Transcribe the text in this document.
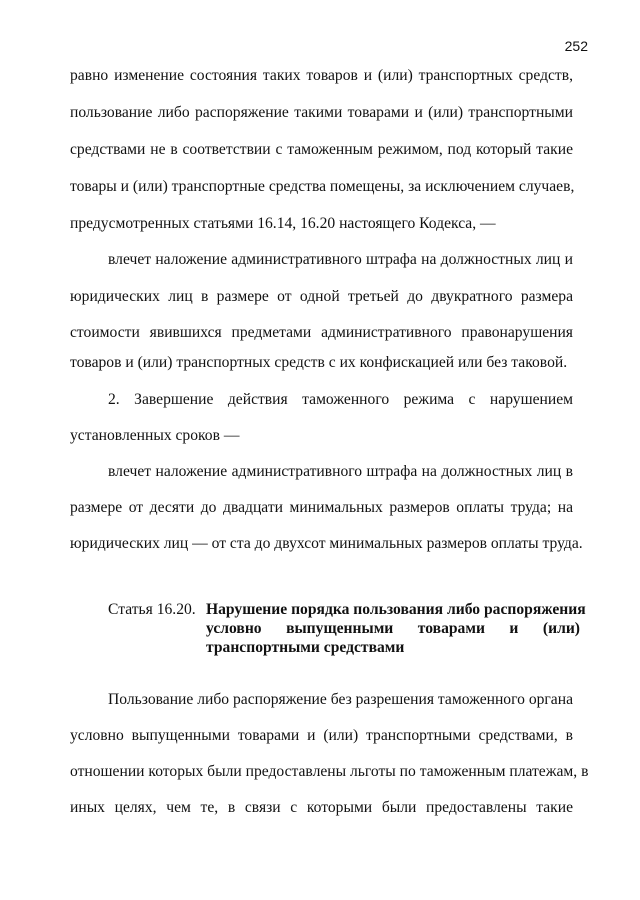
252
равно изменение состояния таких товаров и (или) транспортных средств,
пользование либо распоряжение такими товарами и (или) транспортными
средствами не в соответствии с таможенным режимом, под который такие
товары и (или) транспортные средства помещены, за исключением случаев,
предусмотренных статьями 16.14, 16.20 настоящего Кодекса, —
влечет наложение административного штрафа на должностных лиц и
юридических лиц в размере от одной третьей до двукратного размера
стоимости явившихся предметами административного правонарушения
товаров и (или) транспортных средств с их конфискацией или без таковой.
2. Завершение действия таможенного режима с нарушением
установленных сроков —
влечет наложение административного штрафа на должностных лиц в
размере от десяти до двадцати минимальных размеров оплаты труда; на
юридических лиц — от ста до двухсот минимальных размеров оплаты труда.
Статья 16.20. Нарушение порядка пользования либо распоряжения
условно выпущенными товарами и (или)
транспортными средствами
Пользование либо распоряжение без разрешения таможенного органа
условно выпущенными товарами и (или) транспортными средствами, в
отношении которых были предоставлены льготы по таможенным платежам, в
иных целях, чем те, в связи с которыми были предоставлены такие
